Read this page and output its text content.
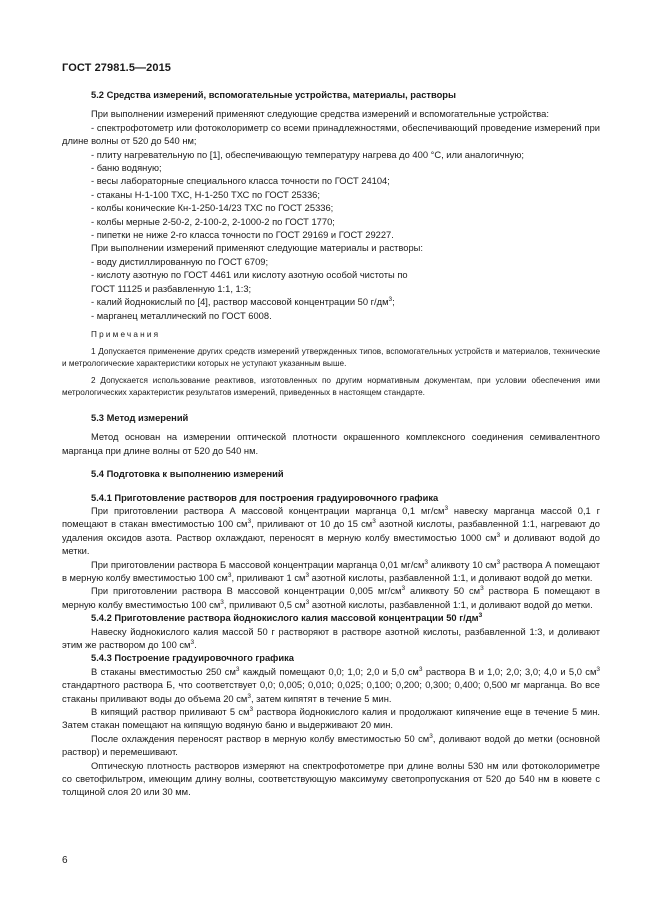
ГОСТ 27981.5—2015

5.2 Средства измерений, вспомогательные устройства, материалы, растворы

При выполнении измерений применяют следующие средства измерений и вспомогательные устройства:

- спектрофотометр или фотоколориметр со всеми принадлежностями, обеспечивающий проведение измерений при длине волны от 520 до 540 нм;

- плиту нагревательную по [1], обеспечивающую температуру нагрева до 400 °С, или аналогичную;

- баню водяную;

- весы лабораторные специального класса точности по ГОСТ 24104;

- стаканы Н-1-100 ТХС, Н-1-250 ТХС по ГОСТ 25336;

- колбы конические Кн-1-250-14/23 ТХС по ГОСТ 25336;

- колбы мерные 2-50-2, 2-100-2, 2-1000-2 по ГОСТ 1770;

- пипетки не ниже 2-го класса точности по ГОСТ 29169 и ГОСТ 29227.

При выполнении измерений применяют следующие материалы и растворы:

- воду дистиллированную по ГОСТ 6709;

- кислоту азотную по ГОСТ 4461 или кислоту азотную особой чистоты по

ГОСТ 11125 и разбавленную 1:1, 1:3;

- калий йоднокислый по [4], раствор массовой концентрации 50 $г/дм^3$;

- марганец металлический по ГОСТ 6008.

Примечания

1 Допускается применение других средств измерений утвержденных типов, вспомогательных устройств и материалов, технические и метрологические характеристики которых не уступают указанным выше.

2 Допускается использование реактивов, изготовленных по другим нормативным документам, при условии обеспечения ими метрологических характеристик результатов измерений, приведенных в настоящем стандарте.

5.3 Метод измерений

Метод основан на измерении оптической плотности окрашенного комплексного соединения семивалентного марганца при длине волны от 520 до 540 нм.

5.4 Подготовка к выполнению измерений

5.4.1 Приготовление растворов для построения градуировочного графика

При приготовлении раствора А массовой концентрации марганца 0,1 $мг/см^3$ навеску марганца массой 0,1 г помещают в стакан вместимостью 100 $см^3$, приливают от 10 до 15 $см^3$ азотной кислоты, разбавленной 1:1, нагревают до удаления оксидов азота. Раствор охлаждают, переносят в мерную колбу вместимостью 1000 $см^3$ и доливают водой до метки.

При приготовлении раствора Б массовой концентрации марганца 0,01 $мг/см^3$ аликвоту 10 $см^3$ раствора А помещают в мерную колбу вместимостью 100 $см^3$, приливают 1 $см^3$ азотной кислоты, разбавленной 1:1, и доливают водой до метки.

При приготовлении раствора В массовой концентрации 0,005 $мг/см^3$ аликвоту 50 $см^3$ раствора Б помещают в мерную колбу вместимостью 100 $см^3$, приливают 0,5 $см^3$ азотной кислоты, разбавленной 1:1, и доливают водой до метки.

5.4.2 Приготовление раствора йоднокислого калия массовой концентрации 50 $г/дм^3$

Навеску йоднокислого калия массой 50 г растворяют в растворе азотной кислоты, разбавленной 1:3, и доливают этим же раствором до 100 $см^3$.

5.4.3 Построение градуировочного графика

В стаканы вместимостью 250 $см^3$ каждый помещают 0,0; 1,0; 2,0 и 5,0 $см^3$ раствора В и 1,0; 2,0; 3,0; 4,0 и 5,0 $см^3$ стандартного раствора Б, что соответствует 0,0; 0,005; 0,010; 0,025; 0,100; 0,200; 0,300; 0,400; 0,500 мг марганца. Во все стаканы приливают воды до объема 20 $см^3$, затем кипятят в течение 5 мин.

В кипящий раствор приливают 5 $см^3$ раствора йоднокислого калия и продолжают кипячение еще в течение 5 мин. Затем стакан помещают на кипящую водяную баню и выдерживают 20 мин.

После охлаждения переносят раствор в мерную колбу вместимостью 50 $см^3$, доливают водой до метки (основной раствор) и перемешивают.

Оптическую плотность растворов измеряют на спектрофотометре при длине волны 530 нм или фотоколориметре со светофильтром, имеющим длину волны, соответствующую максимуму светопропускания от 520 до 540 нм в кювете с толщиной слоя 20 или 30 мм.

6
